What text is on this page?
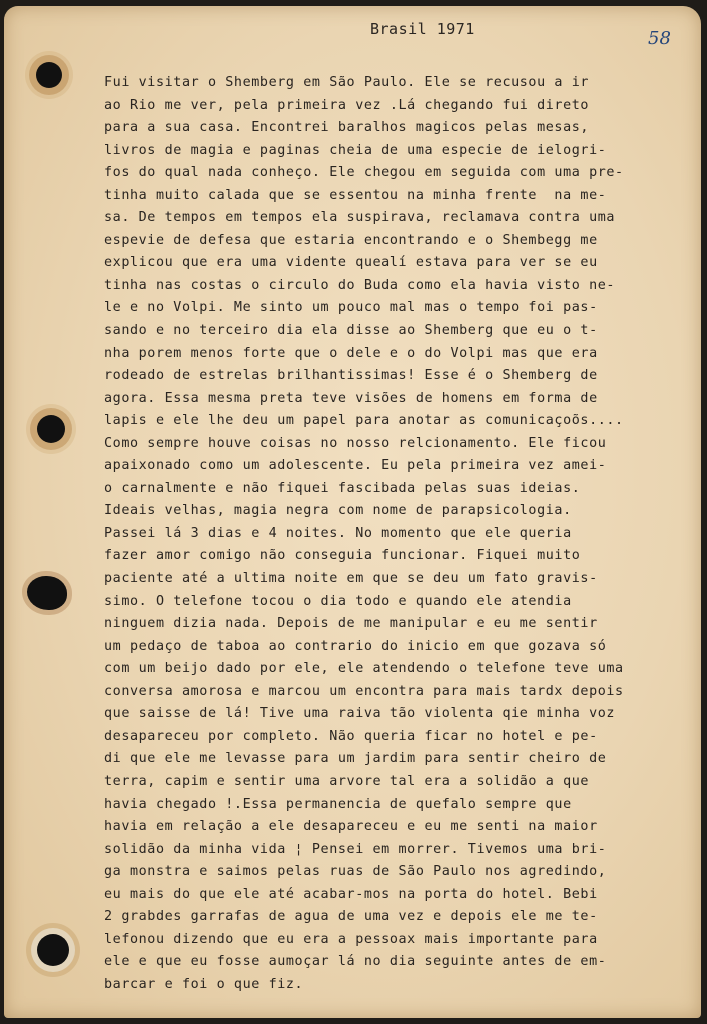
Brasil 1971	58
Fui visitar o Shemberg em São Paulo. Ele se recusou a ir
ao Rio me ver, pela primeira vez .Lá chegando fui direto
para a sua casa. Encontrei baralhos magicos pelas mesas,
livros de magia e paginas cheia de uma especie de ielogri-
fos do qual nada conheço. Ele chegou em seguida com uma pre-
tinha muito calada que se essentou na minha frente  na me-
sa. De tempos em tempos ela suspirava, reclamava contra uma
espevie de defesa que estaria encontrando e o Shembegg me
explicou que era uma vidente quealí estava para ver se eu
tinha nas costas o circulo do Buda como ela havia visto ne-
le e no Volpi. Me sinto um pouco mal mas o tempo foi pas-
sando e no terceiro dia ela disse ao Shemberg que eu o t-
nha porem menos forte que o dele e o do Volpi mas que era
rodeado de estrelas brilhantissimas! Esse é o Shemberg de
agora. Essa mesma preta teve visões de homens em forma de
lapis e ele lhe deu um papel para anotar as comunicaçoõs....
Como sempre houve coisas no nosso relcionamento. Ele ficou
apaixonado como um adolescente. Eu pela primeira vez amei-
o carnalmente e não fiquei fascibada pelas suas ideias.
Ideais velhas, magia negra com nome de parapsicologia.
Passei lá 3 dias e 4 noites. No momento que ele queria
fazer amor comigo não conseguia funcionar. Fiquei muito
paciente até a ultima noite em que se deu um fato gravis-
simo. O telefone tocou o dia todo e quando ele atendia
ninguem dizia nada. Depois de me manipular e eu me sentir
um pedaço de taboa ao contrario do inicio em que gozava só
com um beijo dado por ele, ele atendendo o telefone teve uma
conversa amorosa e marcou um encontra para mais tardx depois
que saisse de lá! Tive uma raiva tão violenta qie minha voz
desapareceu por completo. Não queria ficar no hotel e pe-
di que ele me levasse para um jardim para sentir cheiro de
terra, capim e sentir uma arvore tal era a solidão a que
havia chegado !.Essa permanencia de quefalo sempre que
havia em relação a ele desapareceu e eu me senti na maior
solidão da minha vida ¦ Pensei em morrer. Tivemos uma bri-
ga monstra e saimos pelas ruas de São Paulo nos agredindo,
eu mais do que ele até acabar-mos na porta do hotel. Bebi
2 grabdes garrafas de agua de uma vez e depois ele me te-
lefonou dizendo que eu era a pessoax mais importante para
ele e que eu fosse aumoçar lá no dia seguinte antes de em-
barcar e foi o que fiz.
